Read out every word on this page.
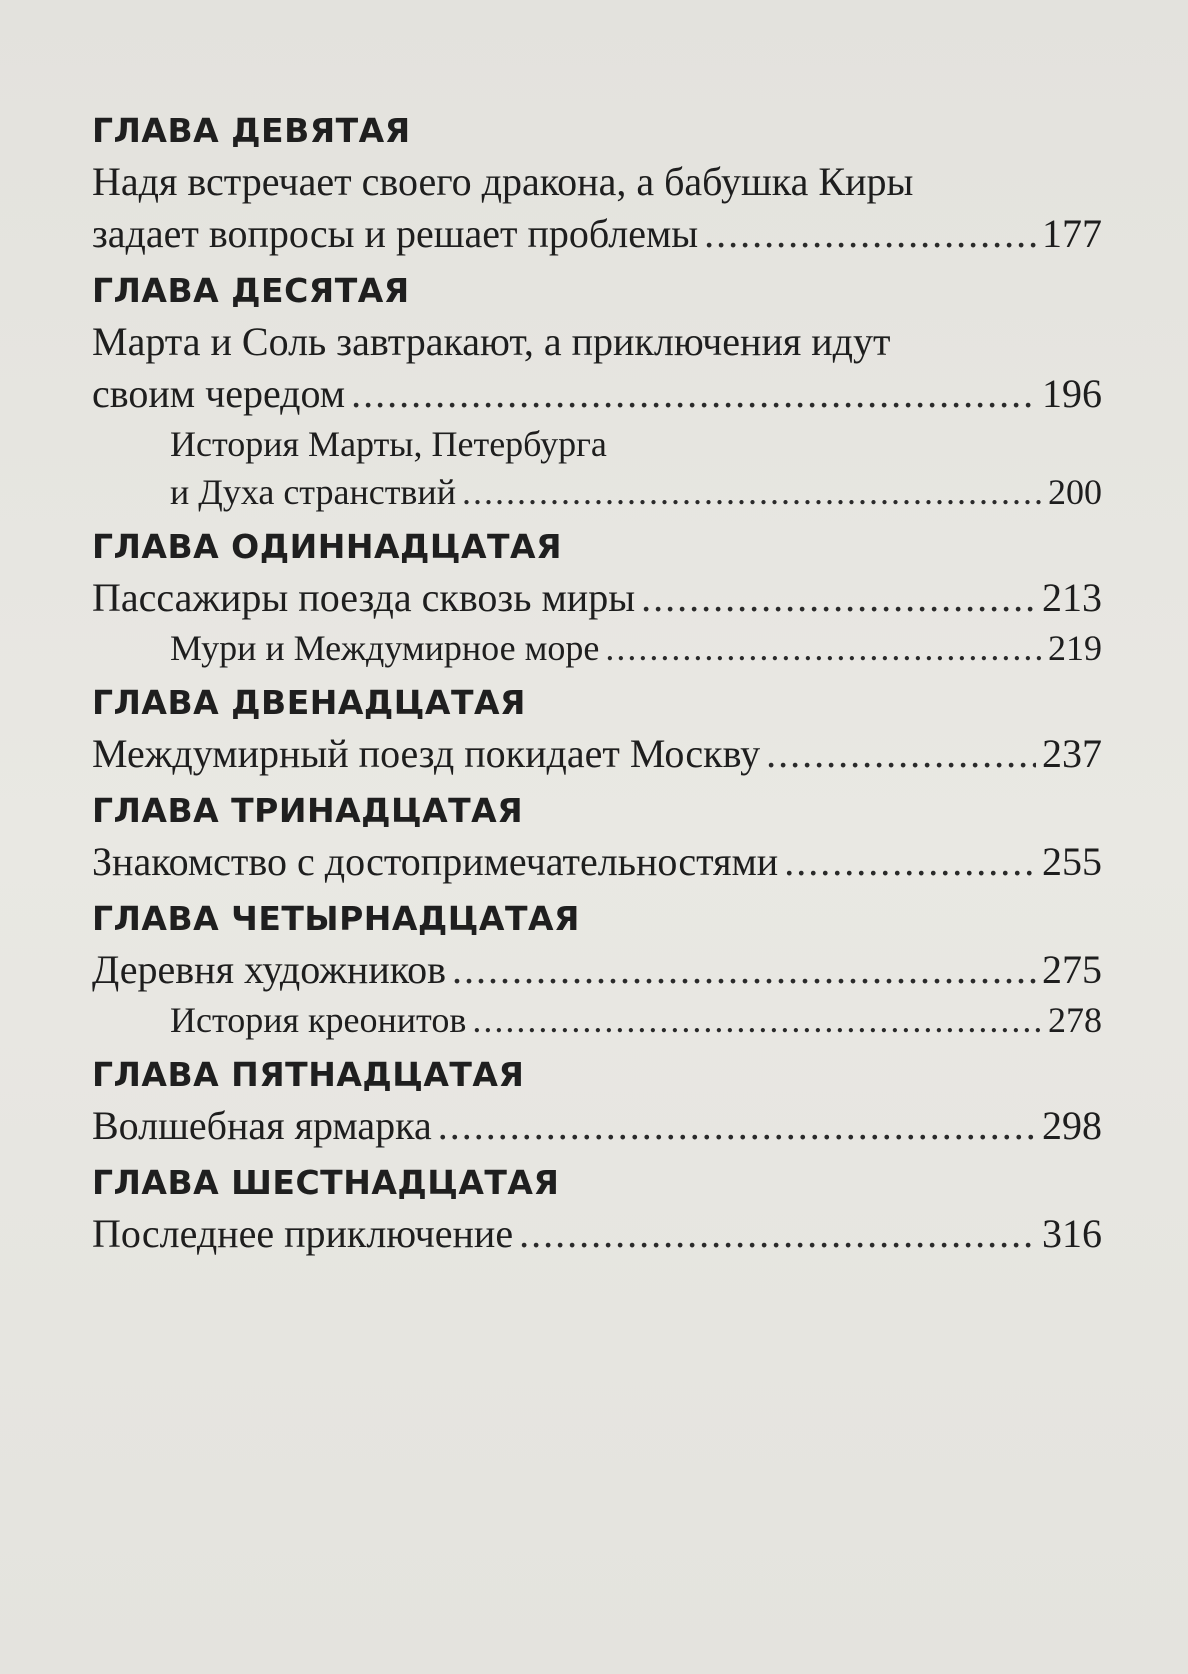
ГЛАВА ДЕВЯТАЯ
Надя встречает своего дракона, а бабушка Киры
задает вопросы и решает проблемы .....	177
ГЛАВА ДЕСЯТАЯ
Марта и Соль завтракают, а приключения идут
своим чередом .....	196
История Марты, Петербурга
и Духа странствий .....	200
ГЛАВА ОДИННАДЦАТАЯ
Пассажиры поезда сквозь миры .....	213
Мури и Междумирное море .....	219
ГЛАВА ДВЕНАДЦАТАЯ
Междумирный поезд покидает Москву .....	237
ГЛАВА ТРИНАДЦАТАЯ
Знакомство с достопримечательностями .....	255
ГЛАВА ЧЕТЫРНАДЦАТАЯ
Деревня художников .....	275
История креонитов .....	278
ГЛАВА ПЯТНАДЦАТАЯ
Волшебная ярмарка .....	298
ГЛАВА ШЕСТНАДЦАТАЯ
Последнее приключение .....	316
